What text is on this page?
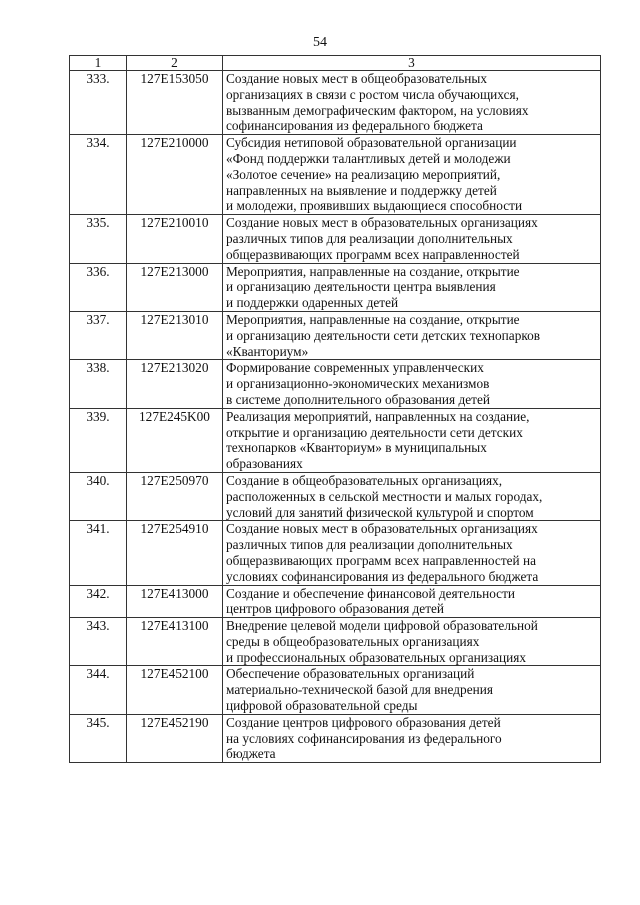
54
1	2	3
333.	127E153050	Создание новых мест в общеобразовательных
организациях в связи с ростом числа обучающихся,
вызванным демографическим фактором, на условиях
софинансирования из федерального бюджета

334.	127E210000	Субсидия нетиповой образовательной организации
«Фонд поддержки талантливых детей и молодежи
«Золотое сечение» на реализацию мероприятий,
направленных на выявление и поддержку детей
и молодежи, проявивших выдающиеся способности

335.	127E210010	Создание новых мест в образовательных организациях
различных типов для реализации дополнительных
общеразвивающих программ всех направленностей

336.	127E213000	Мероприятия, направленные на создание, открытие
и организацию деятельности центра выявления
и поддержки одаренных детей

337.	127E213010	Мероприятия, направленные на создание, открытие
и организацию деятельности сети детских технопарков
«Кванториум»

338.	127E213020	Формирование современных управленческих
и организационно-экономических механизмов
в системе дополнительного образования детей

339.	127E245K00	Реализация мероприятий, направленных на создание,
открытие и организацию деятельности сети детских
технопарков «Кванториум» в муниципальных
образованиях

340.	127E250970	Создание в общеобразовательных организациях,
расположенных в сельской местности и малых городах,
условий для занятий физической культурой и спортом

341.	127E254910	Создание новых мест в образовательных организациях
различных типов для реализации дополнительных
общеразвивающих программ всех направленностей на
условиях софинансирования из федерального бюджета

342.	127E413000	Создание и обеспечение финансовой деятельности
центров цифрового образования детей

343.	127E413100	Внедрение целевой модели цифровой образовательной
среды в общеобразовательных организациях
и профессиональных образовательных организациях

344.	127E452100	Обеспечение образовательных организаций
материально-технической базой для внедрения
цифровой образовательной среды

345.	127E452190	Создание центров цифрового образования детей
на условиях софинансирования из федерального
бюджета
